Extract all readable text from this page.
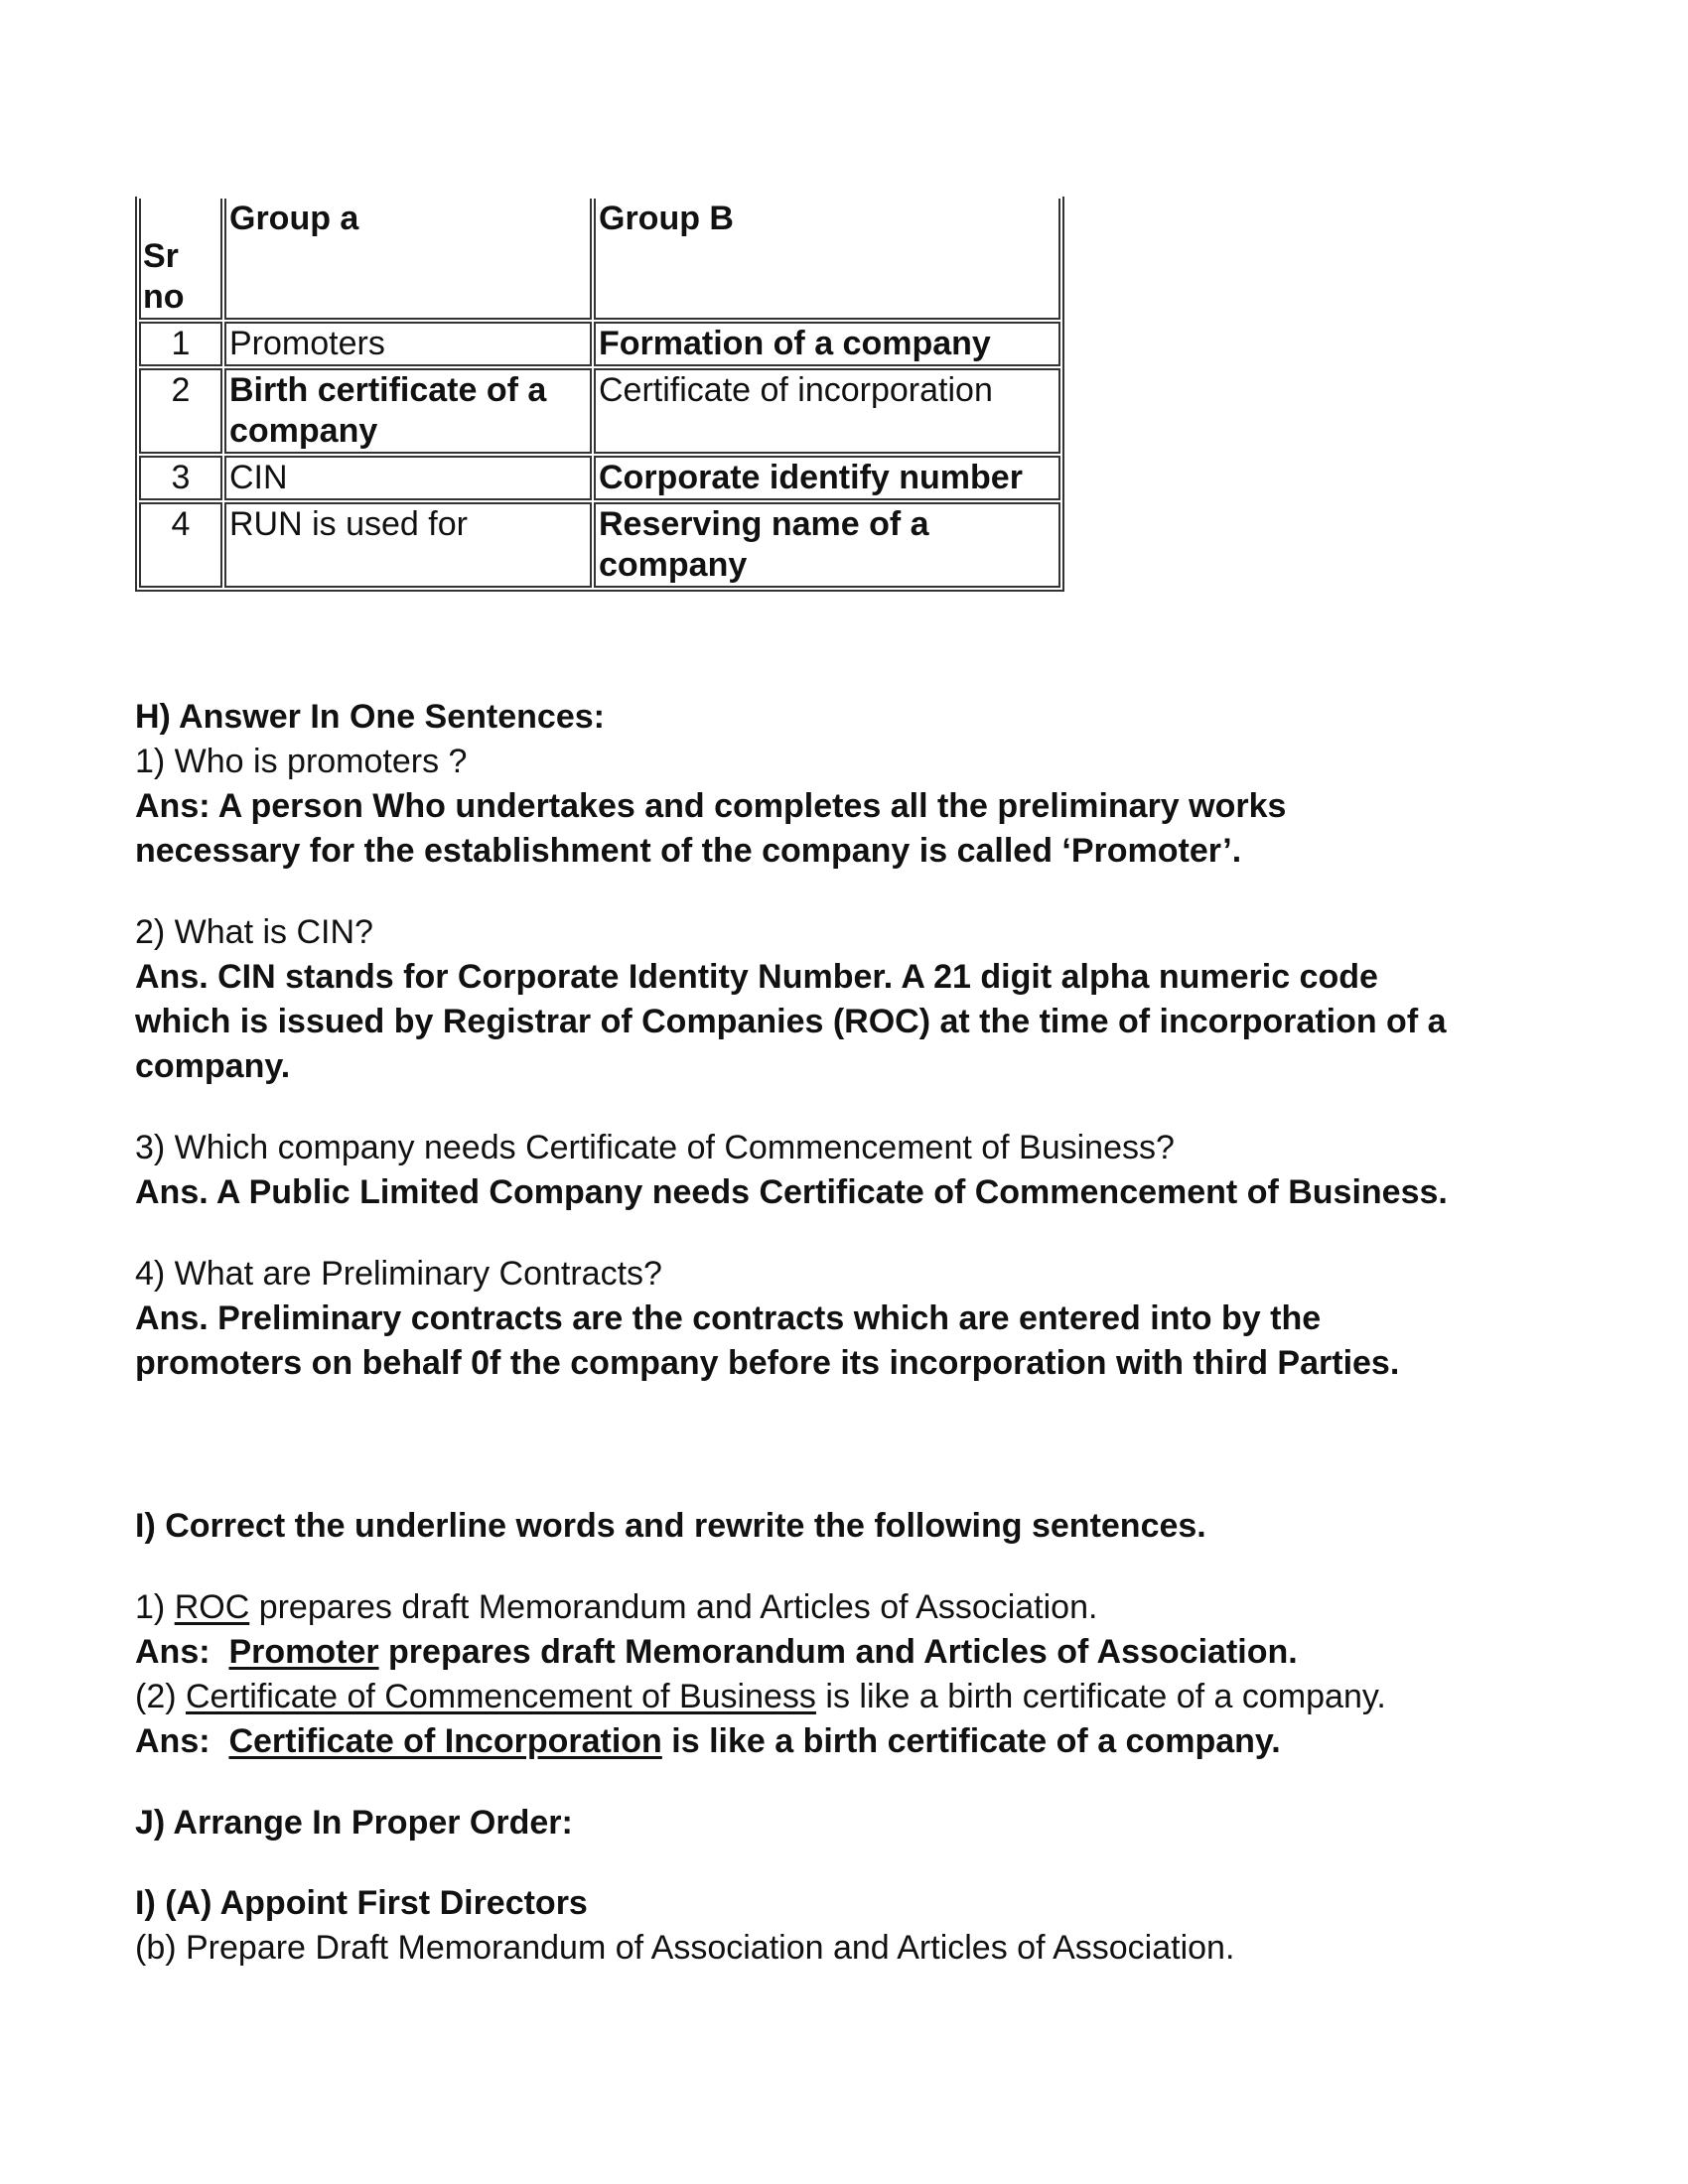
Sr no	Group a	Group B
1	Promoters	Formation of a company
2	Birth certificate of a company	Certificate of incorporation
3	CIN	Corporate identify number
4	RUN is used for	Reserving name of a company
H) Answer In One Sentences:
1) Who is promoters ?
Ans: A person Who undertakes and completes all the preliminary works
necessary for the establishment of the company is called ‘Promoter’.
2) What is CIN?
Ans. CIN stands for Corporate Identity Number. A 21 digit alpha numeric code
which is issued by Registrar of Companies (ROC) at the time of incorporation of a
company.
3) Which company needs Certificate of Commencement of Business?
Ans. A Public Limited Company needs Certificate of Commencement of Business.
4) What are Preliminary Contracts?
Ans. Preliminary contracts are the contracts which are entered into by the
promoters on behalf 0f the company before its incorporation with third Parties.
I) Correct the underline words and rewrite the following sentences.
1) ROC prepares draft Memorandum and Articles of Association.
Ans:  Promoter prepares draft Memorandum and Articles of Association.
(2) Certificate of Commencement of Business is like a birth certificate of a company.
Ans:  Certificate of Incorporation is like a birth certificate of a company.
J) Arrange In Proper Order:
I) (A) Appoint First Directors
(b) Prepare Draft Memorandum of Association and Articles of Association.
